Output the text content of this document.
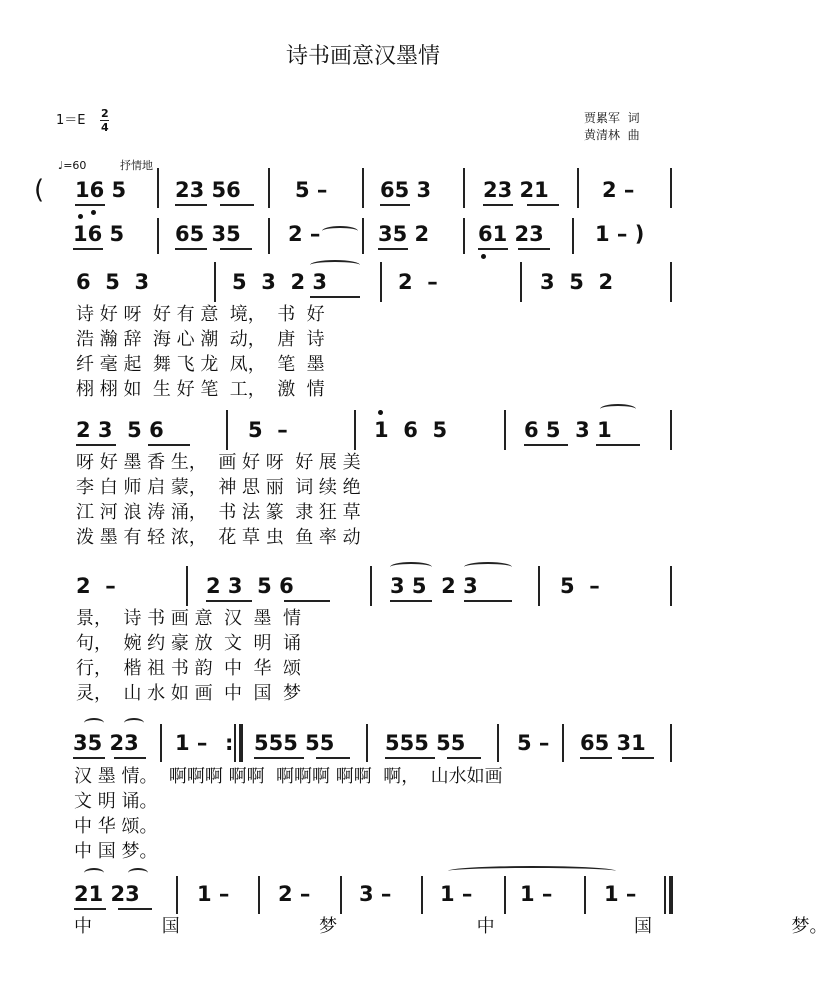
诗书画意汉墨情
1＝E 2
4
贾累军  词
黄清林  曲
♩=60	抒情地
( 16 5 23 56	5 –	65 3 23 21	2 –
16 5 65 35 2 –	35 2 61 23 1 – )
6  5  3	5  3  2 3	2  –	3  5  2
诗 好 呀  好 有 意  境，  书  好
浩 瀚 辞  海 心 潮  动，  唐  诗
纤 毫 起  舞 飞 龙  凤，  笔  墨
栩 栩 如  生 好 笔  工，  激  情
2 3  5 6	5  –	1  6  5	6 5  3 1
呀 好 墨 香 生，  画 好 呀  好 展 美
李 白 师 启 蒙，  神 思 丽  词 续 绝
江 河 浪 涛 涌，  书 法 篆  隶 狂 草
泼 墨 有 轻 浓，  花 草 虫  鱼 率 动
2  –	2 3  5 6	3 5  2 3	5  –
景，  诗 书 画 意  汉  墨  情
句，  婉 约 豪 放  文  明  诵
行，  楷 祖 书 韵  中  华  颂
灵，  山 水 如 画  中  国  梦
35 23 1 – 555 55 555 55 5 – 65 31
:
汉 墨 情。  啊啊啊 啊啊  啊啊啊 啊啊  啊，  山水如画
文 明 诵。
中 华 颂。
中 国 梦。
21 23	1 – 2 – 3 – 1 – 1 – 1 –
中 国  梦  中  国  梦。
